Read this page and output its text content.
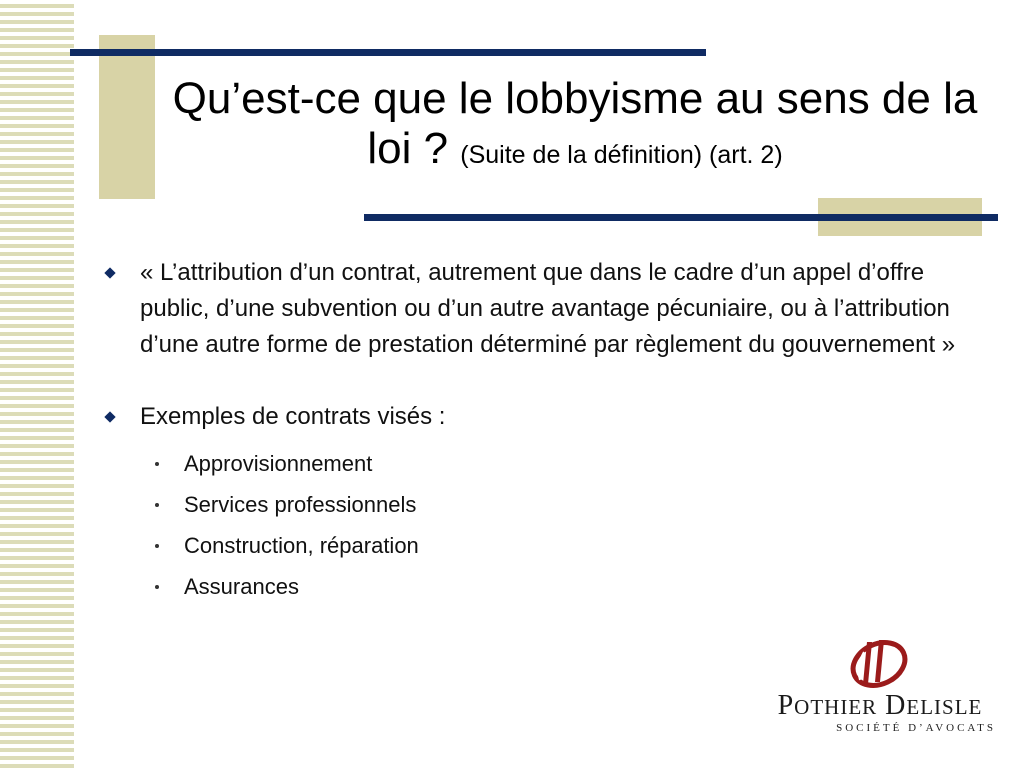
Qu’est-ce que le lobbyisme au sens de la loi ? (Suite de la définition) (art. 2)
« L’attribution d’un contrat, autrement que dans le cadre d’un appel d’offre public, d’une subvention ou d’un autre avantage pécuniaire, ou à l’attribution d’une autre forme de prestation déterminé par règlement du gouvernement »
Exemples de contrats visés :
Approvisionnement
Services professionnels
Construction, réparation
Assurances
POTHIER DELISLE
SOCIÉTÉ D’AVOCATS
